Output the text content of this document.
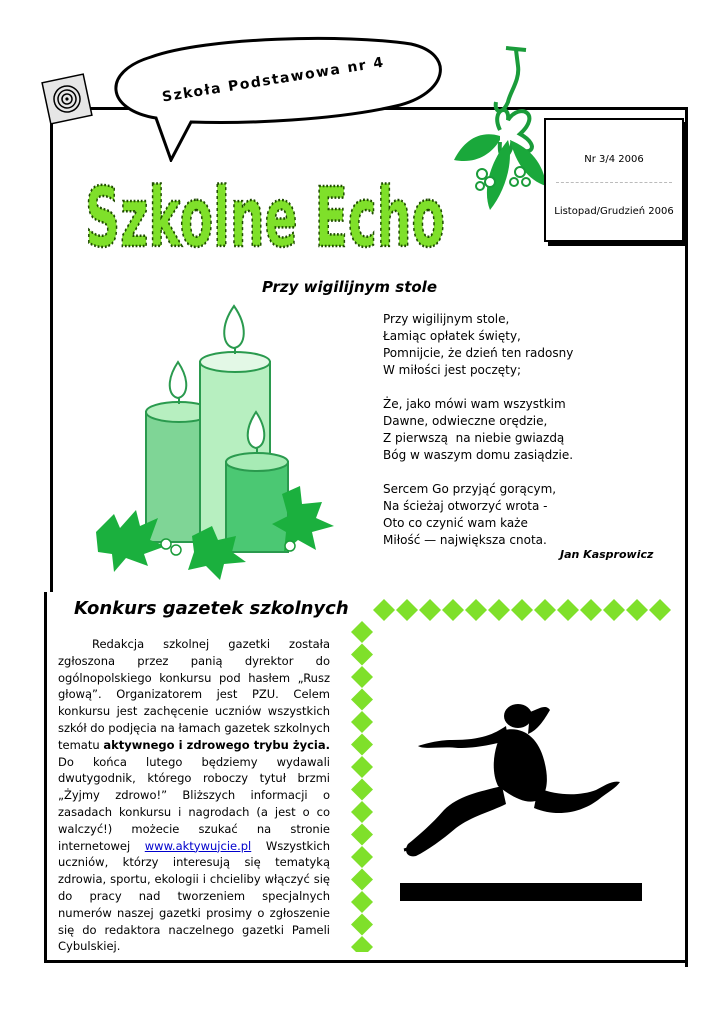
Szkoła Podstawowa nr 4
Szkolne Echo
Nr 3/4 2006
Listopad/Grudzień 2006
Przy wigilijnym stole
Przy wigilijnym stole,
Łamiąc opłatek święty,
Pomnijcie, że dzień ten radosny
W miłości jest poczęty;

Że, jako mówi wam wszystkim
Dawne, odwieczne orędzie,
Z pierwszą  na niebie gwiazdą
Bóg w waszym domu zasiądzie.

Sercem Go przyjąć gorącym,
Na ścieżaj otworzyć wrota -
Oto co czynić wam każe
Miłość — największa cnota.
Jan Kasprowicz
Konkurs gazetek szkolnych

Redakcja szkolnej gazetki została zgłoszona przez panią dyrektor do ogólnopolskiego konkursu pod hasłem „Rusz głową”. Organizatorem jest PZU. Celem konkursu jest zachęcenie uczniów wszystkich szkół do podjęcia na łamach gazetek szkolnych tematu aktywnego i zdrowego trybu życia. Do końca lutego będziemy wydawali dwutygodnik, którego roboczy tytuł brzmi „Żyjmy zdrowo!” Bliższych informacji o zasadach konkursu i nagrodach (a jest o co walczyć!) możecie szukać na stronie internetowej www.aktywujcie.pl Wszystkich uczniów, którzy interesują się tematyką zdrowia, sportu, ekologii i chcieliby włączyć się do pracy nad tworzeniem specjalnych numerów naszej gazetki prosimy o zgłoszenie się do redaktora naczelnego gazetki Pameli Cybulskiej.
